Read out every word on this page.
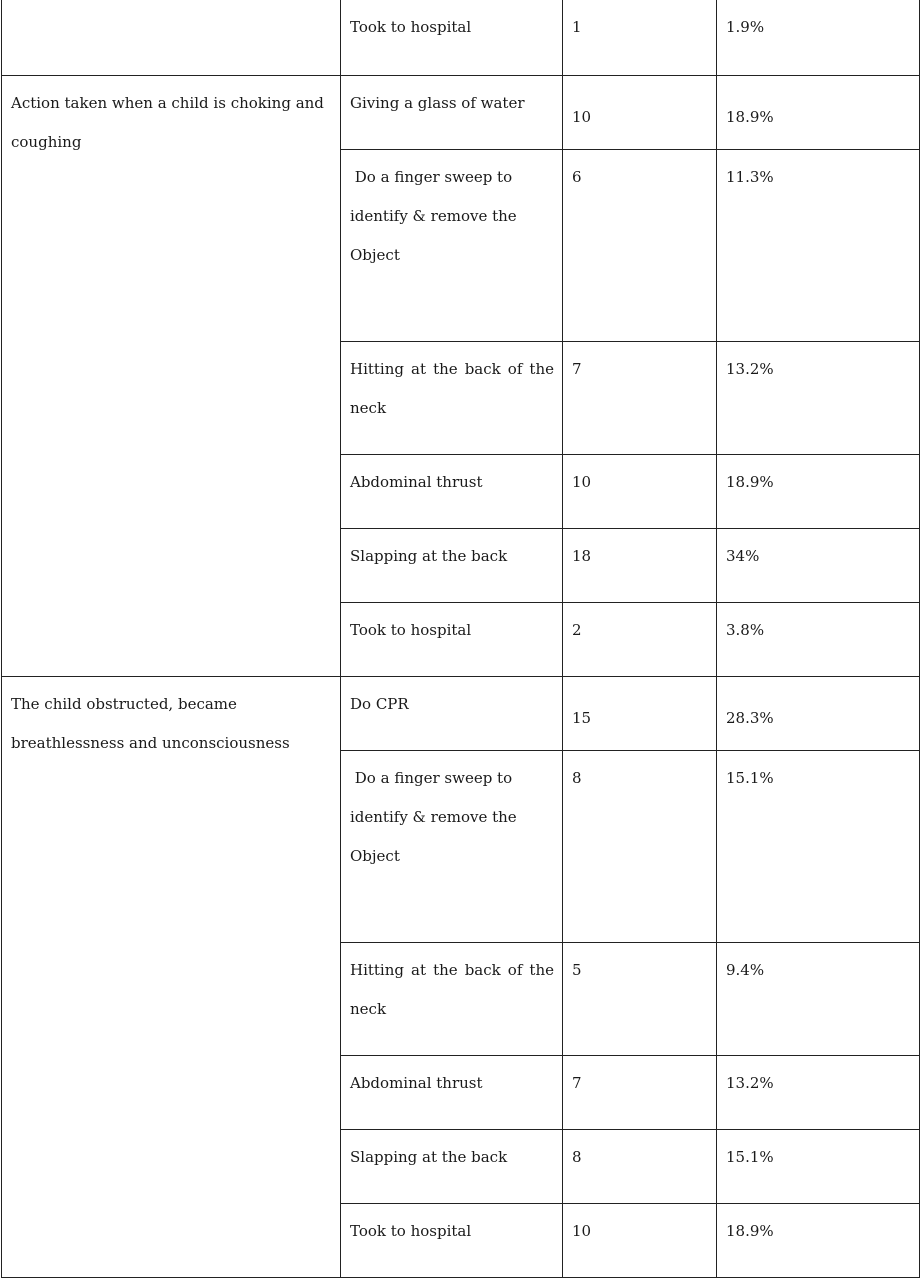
	Took to hospital	1	1.9%
Action taken when a child is choking and coughing	Giving a glass of water	10	18.9%
	Do a finger sweep to identify & remove the Object	6	11.3%
	Hitting at the back of the neck	7	13.2%
	Abdominal thrust	10	18.9%
	Slapping at the back	18	34%
	Took to hospital	2	3.8%
The child obstructed, became breathlessness and unconsciousness	Do CPR	15	28.3%
	Do a finger sweep to identify & remove the Object	8	15.1%
	Hitting at the back of the neck	5	9.4%
	Abdominal thrust	7	13.2%
	Slapping at the back	8	15.1%
	Took to hospital	10	18.9%
